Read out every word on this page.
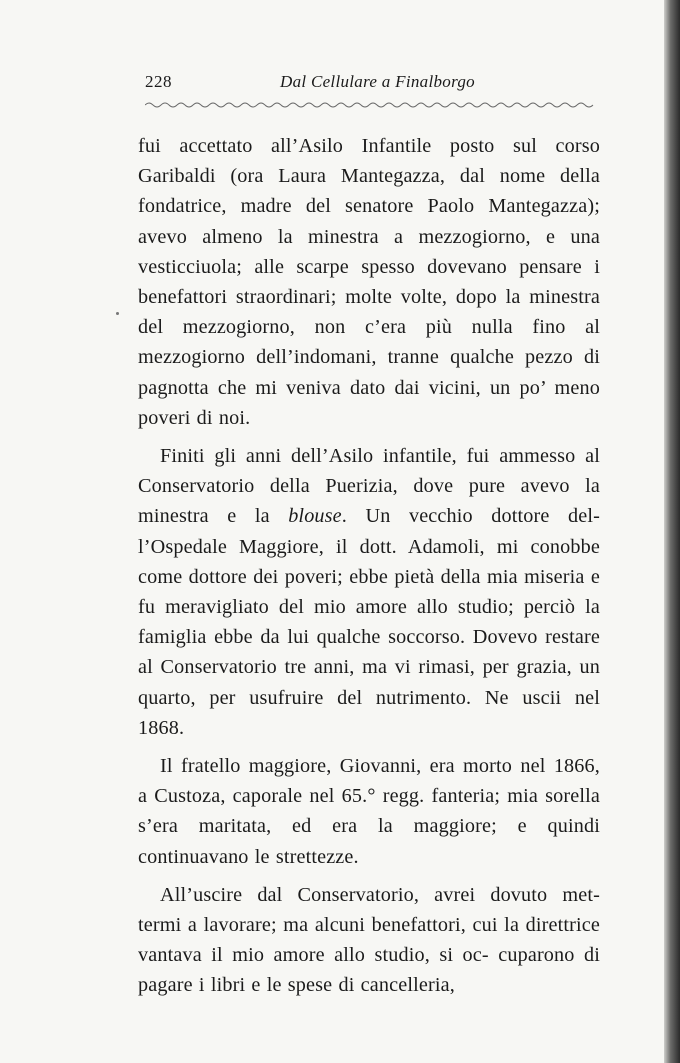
228	Dal Cellulare a Finalborgo

fui accettato all’Asilo Infantile posto sul corso Garibaldi (ora Laura Mantegazza, dal nome della fondatrice, madre del senatore Paolo Mantegazza); avevo almeno la minestra a mezzogiorno, e una vesticciuola; alle scarpe spesso dovevano pensare i benefattori straordinari; molte volte, dopo la minestra del mezzogiorno, non c’era più nulla fino al mezzogiorno dell’indomani, tranne qualche pezzo di pagnotta che mi veniva dato dai vicini, un po’ meno poveri di noi.

Finiti gli anni dell’Asilo infantile, fui ammesso al Conservatorio della Puerizia, dove pure avevo la minestra e la blouse. Un vecchio dottore del- l’Ospedale Maggiore, il dott. Adamoli, mi conobbe come dottore dei poveri; ebbe pietà della mia miseria e fu meravigliato del mio amore allo studio; perciò la famiglia ebbe da lui qualche soccorso. Dovevo restare al Conservatorio tre anni, ma vi rimasi, per grazia, un quarto, per usufruire del nutrimento. Ne uscii nel 1868.

Il fratello maggiore, Giovanni, era morto nel 1866, a Custoza, caporale nel 65.° regg. fanteria; mia sorella s’era maritata, ed era la maggiore; e quindi continuavano le strettezze.

All’uscire dal Conservatorio, avrei dovuto met- termi a lavorare; ma alcuni benefattori, cui la direttrice vantava il mio amore allo studio, si oc- cuparono di pagare i libri e le spese di cancelleria,
